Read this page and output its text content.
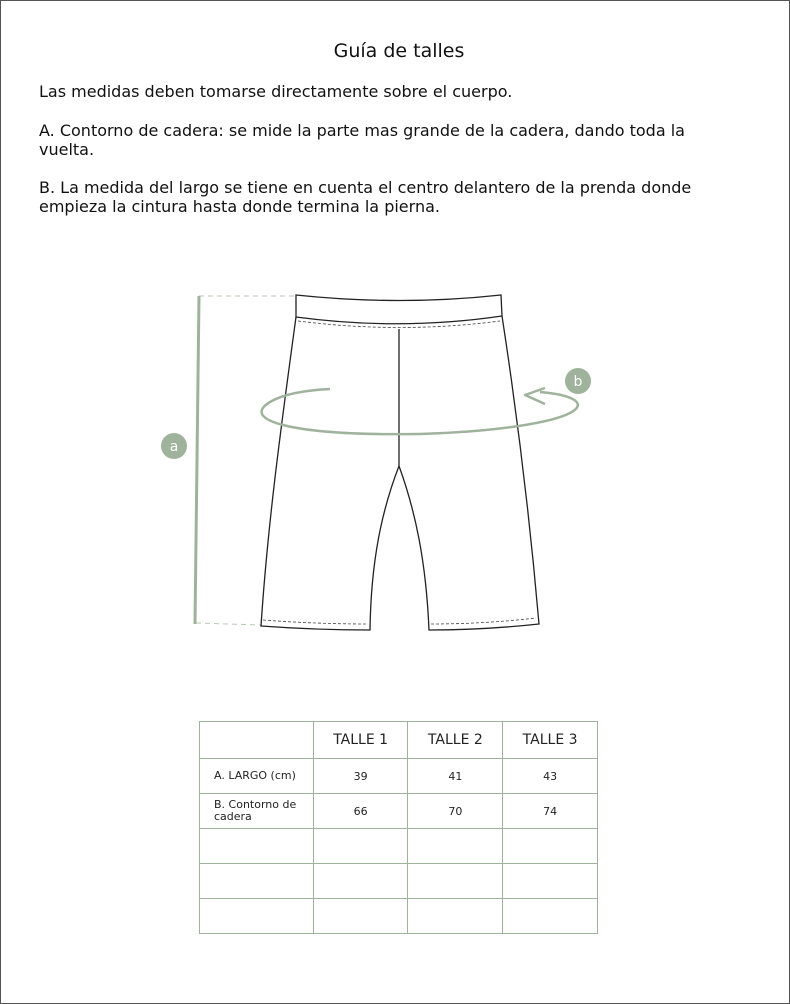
Guía de talles
Las medidas deben tomarse directamente sobre el cuerpo.
A. Contorno de cadera: se mide la parte mas grande de la cadera, dando toda la vuelta.
B. La medida del largo se tiene en cuenta el centro delantero de la prenda donde empieza la cintura hasta donde termina la pierna.
a
b
	TALLE 1	TALLE 2	TALLE 3
A. LARGO (cm)	39	41	43
B. Contorno de cadera	66	70	74
